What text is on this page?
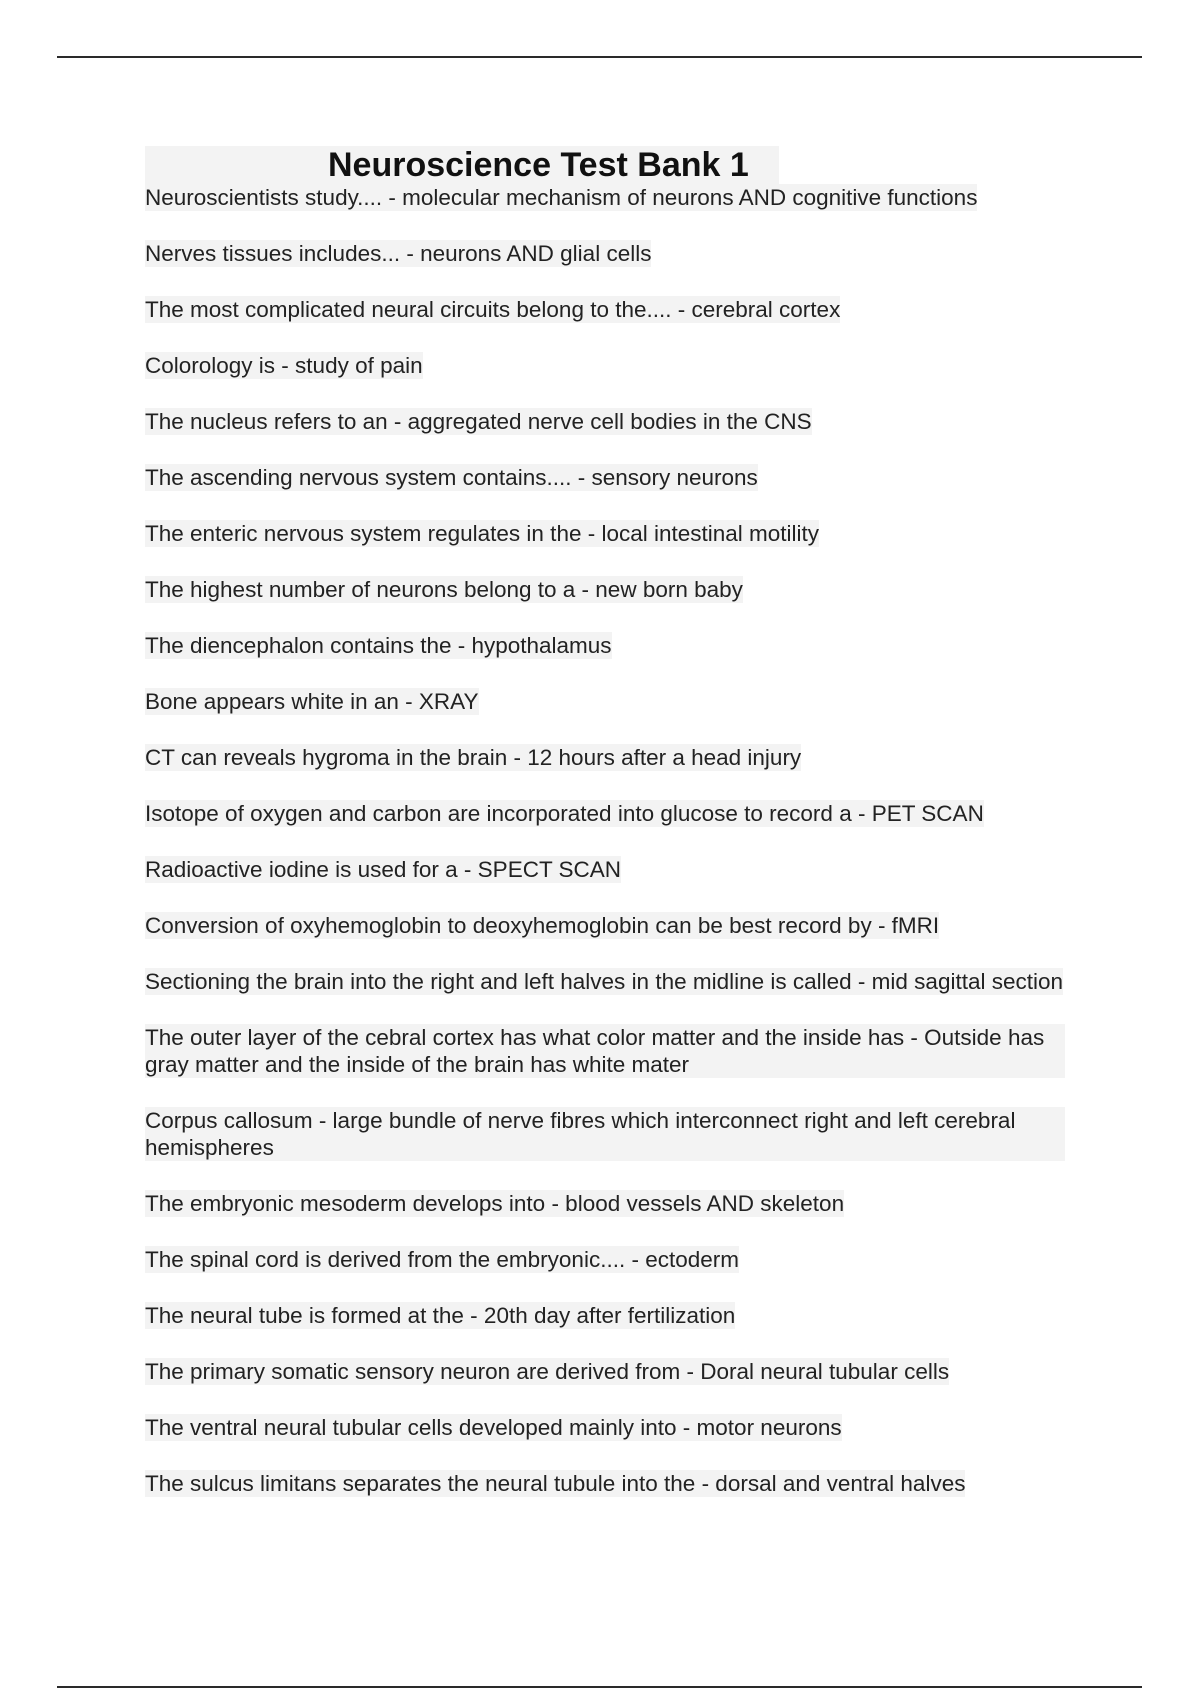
Neuroscience Test Bank 1
Neuroscientists study.... - molecular mechanism of neurons AND cognitive functions
Nerves tissues includes... - neurons AND glial cells
The most complicated neural circuits belong to the.... - cerebral cortex
Colorology is - study of pain
The nucleus refers to an - aggregated nerve cell bodies in the CNS
The ascending nervous system contains.... - sensory neurons
The enteric nervous system regulates in the - local intestinal motility
The highest number of neurons belong to a - new born baby
The diencephalon contains the - hypothalamus
Bone appears white in an - XRAY
CT can reveals hygroma in the brain - 12 hours after a head injury
Isotope of oxygen and carbon are incorporated into glucose to record a - PET SCAN
Radioactive iodine is used for a - SPECT SCAN
Conversion of oxyhemoglobin to deoxyhemoglobin can be best record by - fMRI
Sectioning the brain into the right and left halves in the midline is called - mid sagittal section
The outer layer of the cebral cortex has what color matter and the inside has - Outside has gray matter and the inside of the brain has white mater
Corpus callosum - large bundle of nerve fibres which interconnect right and left cerebral hemispheres
The embryonic mesoderm develops into - blood vessels AND skeleton
The spinal cord is derived from the embryonic.... - ectoderm
The neural tube is formed at the - 20th day after fertilization
The primary somatic sensory neuron are derived from - Doral neural tubular cells
The ventral neural tubular cells developed mainly into - motor neurons
The sulcus limitans separates the neural tubule into the - dorsal and ventral halves
